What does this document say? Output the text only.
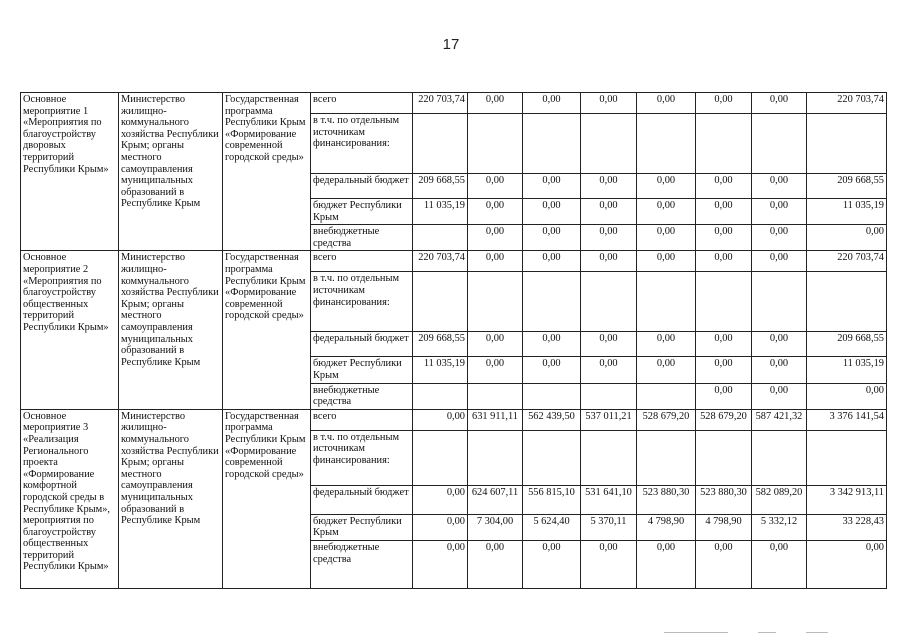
17
Основное мероприятие 1 «Мероприятия по благоустройству дворовых территорий Республики Крым»	Министерство жилищно-коммунального хозяйства Республики Крым; органы местного самоуправления муниципальных образований в Республике Крым	Государственная программа Республики Крым «Формирование современной городской среды»	всего	220 703,74	0,00	0,00	0,00	0,00	0,00	0,00	220 703,74
			в т.ч. по отдельным источникам финансирования:								
			федеральный бюджет	209 668,55	0,00	0,00	0,00	0,00	0,00	0,00	209 668,55
			бюджет Республики Крым	11 035,19	0,00	0,00	0,00	0,00	0,00	0,00	11 035,19
			внебюджетные средства		0,00	0,00	0,00	0,00	0,00	0,00	0,00
Основное мероприятие 2 «Мероприятия по благоустройству общественных территорий Республики Крым»	Министерство жилищно-коммунального хозяйства Республики Крым; органы местного самоуправления муниципальных образований в Республике Крым	Государственная программа Республики Крым «Формирование современной городской среды»	всего	220 703,74	0,00	0,00	0,00	0,00	0,00	0,00	220 703,74
			в т.ч. по отдельным источникам финансирования:								
			федеральный бюджет	209 668,55	0,00	0,00	0,00	0,00	0,00	0,00	209 668,55
			бюджет Республики Крым	11 035,19	0,00	0,00	0,00	0,00	0,00	0,00	11 035,19
			внебюджетные средства						0,00	0,00	0,00
Основное мероприятие 3 «Реализация Регионального проекта «Формирование комфортной городской среды в Республике Крым», мероприятия по благоустройству общественных территорий Республики Крым»	Министерство жилищно-коммунального хозяйства Республики Крым; органы местного самоуправления муниципальных образований в Республике Крым	Государственная программа Республики Крым «Формирование современной городской среды»	всего	0,00	631 911,11	562 439,50	537 011,21	528 679,20	528 679,20	587 421,32	3 376 141,54
			в т.ч. по отдельным источникам финансирования:								
			федеральный бюджет	0,00	624 607,11	556 815,10	531 641,10	523 880,30	523 880,30	582 089,20	3 342 913,11
			бюджет Республики Крым	0,00	7 304,00	5 624,40	5 370,11	4 798,90	4 798,90	5 332,12	33 228,43
			внебюджетные средства	0,00	0,00	0,00	0,00	0,00	0,00	0,00	0,00
